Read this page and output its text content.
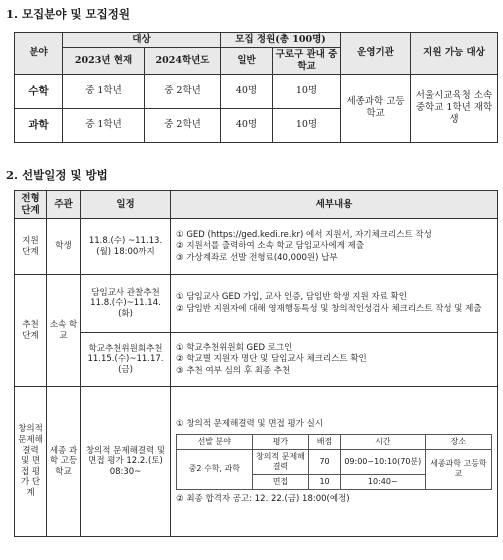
1. 모집분야 및 모집정원
분야	대상		모집 정원(총 100명)		운영기관	지원 가능 대상
	2023년 현재	2024학년도	일반	구로구 관내 중학교		
수학	중 1학년	중 2학년	40명	10명	세종과학 고등학교	서울시교육청 소속 중학교 1학년 재학생
과학	중 1학년	중 2학년	40명	10명		
2. 선발일정 및 방법
전형 단계	주관	일정	세부내용
지원 단계	학생	11.8.(수) ~11.13.(월) 18:00까지	
① GED (https://ged.kedi.re.kr) 에서 지원서, 자기체크리스트 작성
② 지원서를 출력하여 소속 학교 담임교사에게 제출
③ 가상계좌로 선발 전형료(40,000원) 납부

추천 단계	소속 학교	담임교사 관찰추천 11.8.(수)~11.14.(화)	
① 담임교사 GED 가입, 교사 인증, 담임반 학생 지원 자료 확인
② 담임반 지원자에 대해 영재행동특성 및 창의적인성검사 체크리스트 작성 및 제출

학교추천위원회추천 11.15.(수)~11.17.(금)	
① 학교추천위원회 GED 로그인
② 학교별 지원자 명단 및 담임교사 체크리스트 확인
③ 추천 여부 심의 후 최종 추천

창의적 문제해결력 및 면접 평가 단계	세종 과학 고등 학교	창의적 문제해결력 및 면접 평가 12.2.(토) 08:30~	
① 창의적 문제해결력 및 면접 평가 실시
선발 분야	평가	배점	시간	장소
중2 수학, 과학	창의적 문제해결력	70	09:00~10:10(70분)	세종과학 고등학교
면접	10	10:40~
② 최종 합격자 공고: 12. 22.(금) 18:00(예정)
